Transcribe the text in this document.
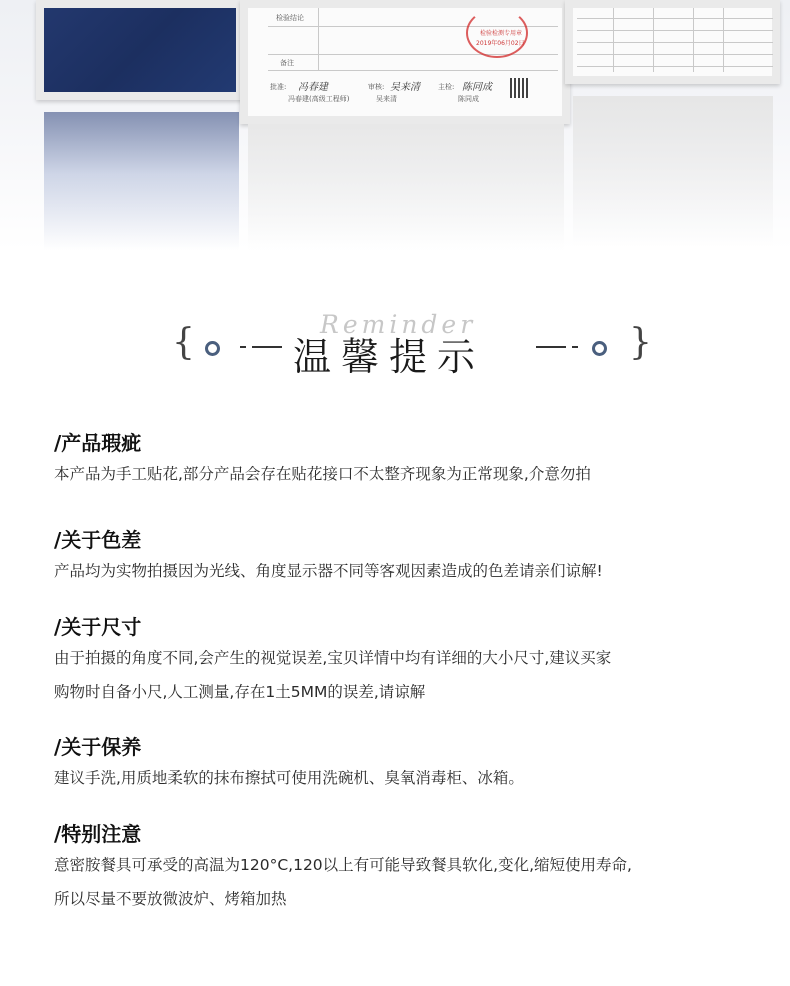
检验结论
备注
检验检测专用章
2019年06月02日
批准: 冯春建	审核: 吴来清	主检: 陈同成
冯春建(高级工程师)	吴来清	陈同成
Reminder
{	温馨提示	}
/产品瑕疵

本产品为手工贴花,部分产品会存在贴花接口不太整齐现象为正常现象,介意勿拍

/关于色差

产品均为实物拍摄因为光线、角度显示器不同等客观因素造成的色差请亲们谅解!

/关于尺寸

由于拍摄的角度不同,会产生的视觉误差,宝贝详情中均有详细的大小尺寸,建议买家

购物时自备小尺,人工测量,存在1土5MM的误差,请谅解

/关于保养

建议手洗,用质地柔软的抹布擦拭可使用洗碗机、臭氧消毒柜、冰箱。

/特别注意

意密胺餐具可承受的高温为120°C,120以上有可能导致餐具软化,变化,缩短使用寿命,

所以尽量不要放微波炉、烤箱加热
